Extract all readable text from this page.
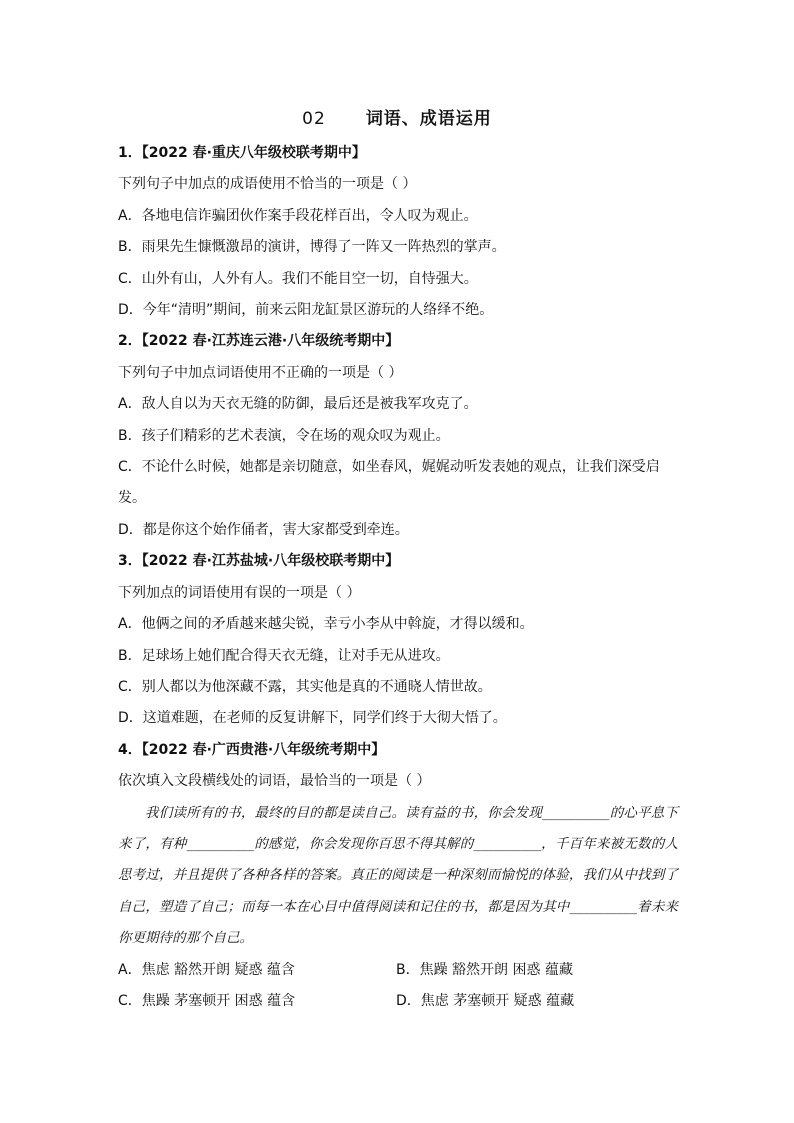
02 词语、成语运用
1．【2022 春·重庆八年级校联考期中】
下列句子中加点的成语使用不恰当的一项是（ ）
A．各地电信诈骗团伙作案手段花样百出，令人叹为观止。
B．雨果先生慷慨激昂的演讲，博得了一阵又一阵热烈的掌声。
C．山外有山，人外有人。我们不能目空一切，自恃强大。
D．今年“清明”期间，前来云阳龙缸景区游玩的人络绎不绝。
2．【2022 春·江苏连云港·八年级统考期中】
下列句子中加点词语使用不正确的一项是（ ）
A．敌人自以为天衣无缝的防御，最后还是被我军攻克了。
B．孩子们精彩的艺术表演，令在场的观众叹为观止。
C．不论什么时候，她都是亲切随意，如坐春风，娓娓动听发表她的观点，让我们深受启发。
D．都是你这个始作俑者，害大家都受到牵连。
3．【2022 春·江苏盐城·八年级校联考期中】
下列加点的词语使用有误的一项是（ ）
A．他俩之间的矛盾越来越尖锐，幸亏小李从中斡旋，才得以缓和。
B．足球场上她们配合得天衣无缝，让对手无从进攻。
C．别人都以为他深藏不露，其实他是真的不通晓人情世故。
D．这道难题，在老师的反复讲解下，同学们终于大彻大悟了。
4．【2022 春·广西贵港·八年级统考期中】
依次填入文段横线处的词语，最恰当的一项是（ ）
我们读所有的书，最终的目的都是读自己。读有益的书，你会发现__________的心平息下来了，有种__________的感觉，你会发现你百思不得其解的__________，千百年来被无数的人思考过，并且提供了各种各样的答案。真正的阅读是一种深刻而愉悦的体验，我们从中找到了自己，塑造了自己；而每一本在心目中值得阅读和记住的书，都是因为其中__________着未来你更期待的那个自己。
A．焦虑 豁然开朗 疑惑 蕴含	B．焦躁 豁然开朗 困惑 蕴藏
C．焦躁 茅塞顿开 困惑 蕴含	D．焦虑 茅塞顿开 疑惑 蕴藏
